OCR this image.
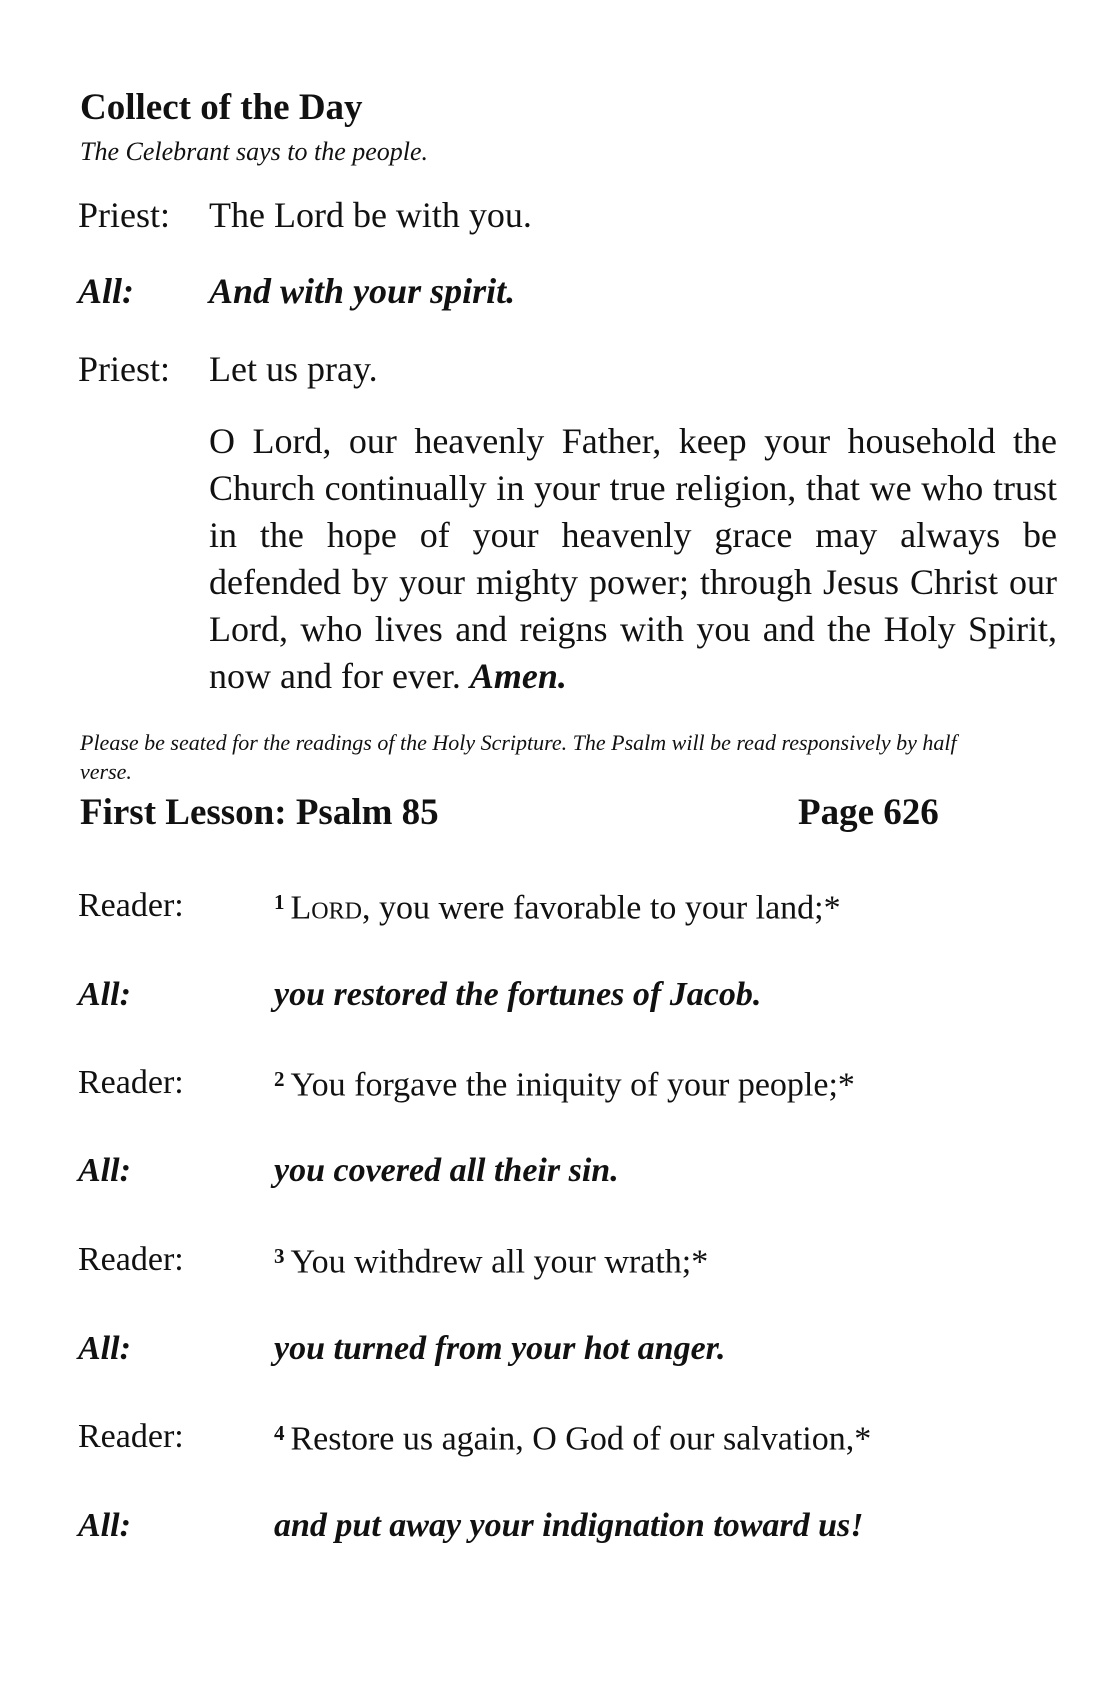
Collect of the Day
The Celebrant says to the people.
Priest: The Lord be with you.
All: And with your spirit.
Priest: Let us pray.
O Lord, our heavenly Father, keep your household the Church continually in your true religion, that we who trust in the hope of your heavenly grace may always be defended by your mighty power; through Jesus Christ our Lord, who lives and reigns with you and the Holy Spirit, now and for ever. Amen.
Please be seated for the readings of the Holy Scripture. The Psalm will be read responsively by half verse.
First Lesson: Psalm 85	Page 626
Reader:	$^1$ Lord, you were favorable to your land;*
All:	you restored the fortunes of Jacob.
Reader:	$^2$ You forgave the iniquity of your people;*
All:	you covered all their sin.
Reader:	$^3$ You withdrew all your wrath;*
All:	you turned from your hot anger.
Reader:	$^4$ Restore us again, O God of our salvation,*
All:	and put away your indignation toward us!
